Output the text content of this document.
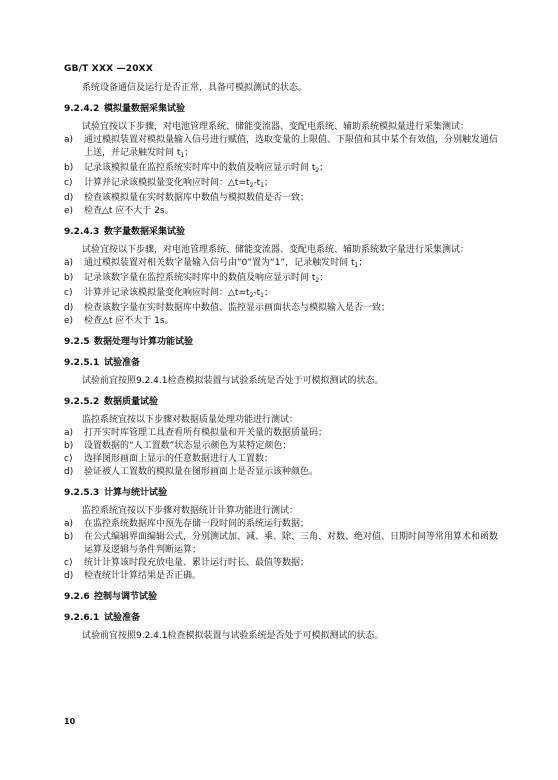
GB/T XXX —20XX

系统设备通信及运行是否正常，具备可模拟测试的状态。

9.2.4.2 模拟量数据采集试验

试验宜按以下步骤，对电池管理系统、储能变流器、变配电系统、辅助系统模拟量进行采集测试：

a)	通过模拟装置对模拟量输入信号进行赋值，选取变量的上限值、下限值和其中某个有效值，分别触发通信上送，并记录触发时间 $t_1$；
b)	记录该模拟量在监控系统实时库中的数值及响应显示时间 $t_2$；
c)	计算并记录该模拟量变化响应时间：$\triangle t=t_2-t_1$；
d)	检查该模拟量在实时数据库中数值与模拟数值是否一致；
e)	检查△t 应不大于 2s。

9.2.4.3 数字量数据采集试验

试验宜按以下步骤，对电池管理系统、储能变流器、变配电系统、辅助系统数字量进行采集测试：

a)	通过模拟装置对相关数字量输入信号由“0”置为“1”，记录触发时间 $t_1$；
b)	记录该数字量在监控系统实时库中的数值及响应显示时间 $t_2$；
c)	计算并记录该模拟量变化响应时间：$\triangle t=t_2-t_1$；
d)	检查该数字量在实时数据库中数值、监控显示画面状态与模拟输入是否一致；
e)	检查△t 应不大于 1s。

9.2.5 数据处理与计算功能试验

9.2.5.1 试验准备

试验前宜按照9.2.4.1检查模拟装置与试验系统是否处于可模拟测试的状态。

9.2.5.2 数据质量试验

监控系统宜按以下步骤对数据质量处理功能进行测试：

a)	打开实时库管理工具查看所有模拟量和开关量的数据质量码；
b)	设置数据的“人工置数”状态显示颜色为某特定颜色；
c)	选择图形画面上显示的任意数据进行人工置数；
d)	验证被人工置数的模拟量在图形画面上是否显示该种颜色。

9.2.5.3 计算与统计试验

监控系统宜按以下步骤对数据统计计算功能进行测试：

a)	在监控系统数据库中预先存储一段时间的系统运行数据；
b)	在公式编辑界面编辑公式，分别测试加、减、乘、除、三角、对数、绝对值、日期时间等常用算术和函数运算及逻辑与条件判断运算；
c)	统计计算该时段充放电量、累计运行时长、最值等数据；
d)	检查统计计算结果是否正确。

9.2.6 控制与调节试验

9.2.6.1 试验准备

试验前宜按照9.2.4.1检查模拟装置与试验系统是否处于可模拟测试的状态。

10
